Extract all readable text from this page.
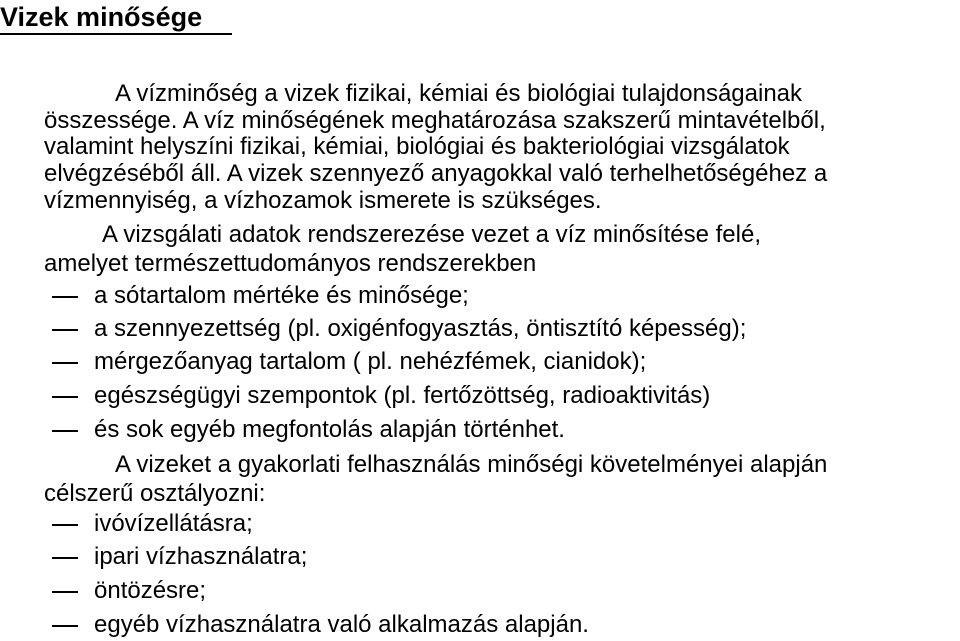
Vizek minősége

A vízminőség a vizek fizikai, kémiai és biológiai tulajdonságainak

összessége. A víz minőségének meghatározása szakszerű mintavételből,

valamint helyszíni fizikai, kémiai, biológiai és bakteriológiai vizsgálatok

elvégzéséből áll. A vizek szennyező anyagokkal való terhelhetőségéhez a

vízmennyiség, a vízhozamok ismerete is szükséges.

A vizsgálati adatok rendszerezése vezet a víz minősítése felé,

amelyet természettudományos rendszerekben

a sótartalom mértéke és minősége;

a szennyezettség (pl. oxigénfogyasztás, öntisztító képesség);

mérgezőanyag tartalom ( pl. nehézfémek, cianidok);

egészségügyi szempontok (pl. fertőzöttség, radioaktivitás)

és sok egyéb megfontolás alapján történhet.

A vizeket a gyakorlati felhasználás minőségi követelményei alapján

célszerű osztályozni:

ivóvízellátásra;

ipari vízhasználatra;

öntözésre;

egyéb vízhasználatra való alkalmazás alapján.
